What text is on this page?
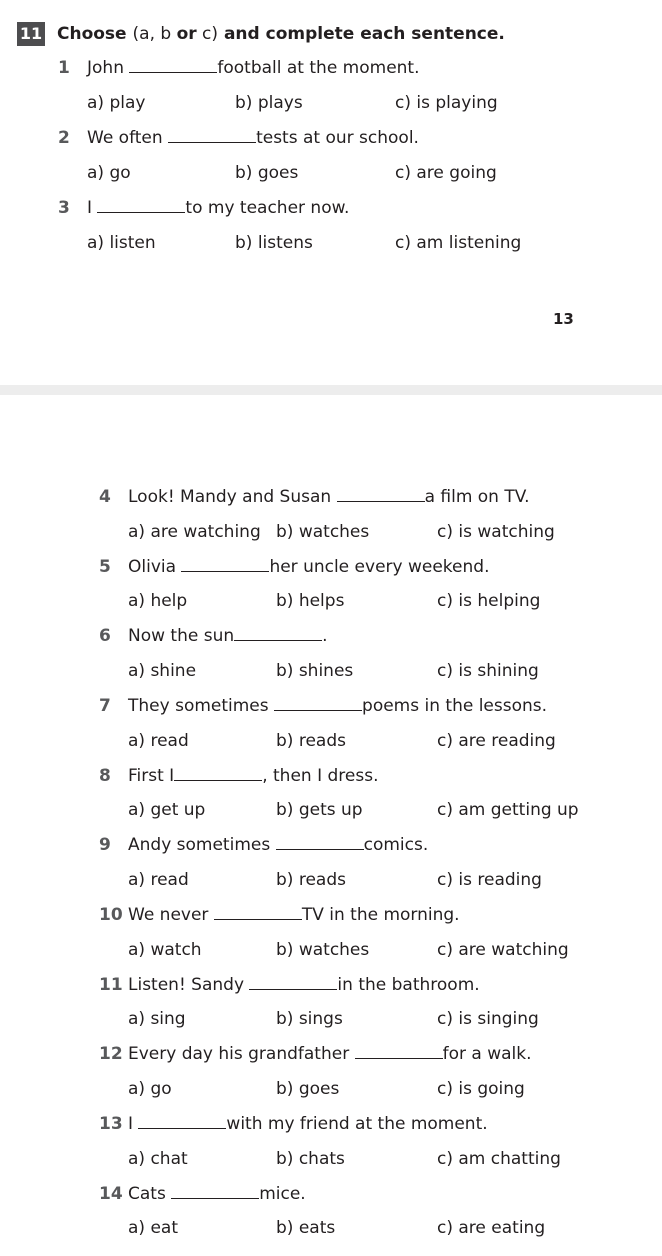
11 Choose (a, b or c) and complete each sentence.
1 John	football at the moment.
a) play	b) plays	c) is playing
2 We often	tests at our school.
a) go	b) goes	c) are going
3 I	to my teacher now.
a) listen	b) listens	c) am listening
13
4 Look! Mandy and Susan	a film on TV.
a) are watching b) watches	c) is watching
5 Olivia	her uncle every weekend.
a) help	b) helps	c) is helping
6 Now the sun	.
a) shine	b) shines	c) is shining
7 They sometimes	poems in the lessons.
a) read	b) reads	c) are reading
8 First I	, then I dress.
a) get up	b) gets up	c) am getting up
9 Andy sometimes	comics.
a) read	b) reads	c) is reading
10 We never	TV in the morning.
a) watch	b) watches	c) are watching
11 Listen! Sandy	in the bathroom.
a) sing	b) sings	c) is singing
12 Every day his grandfather	for a walk.
a) go	b) goes	c) is going
13 I	with my friend at the moment.
a) chat	b) chats	c) am chatting
14 Cats	mice.
a) eat	b) eats	c) are eating
